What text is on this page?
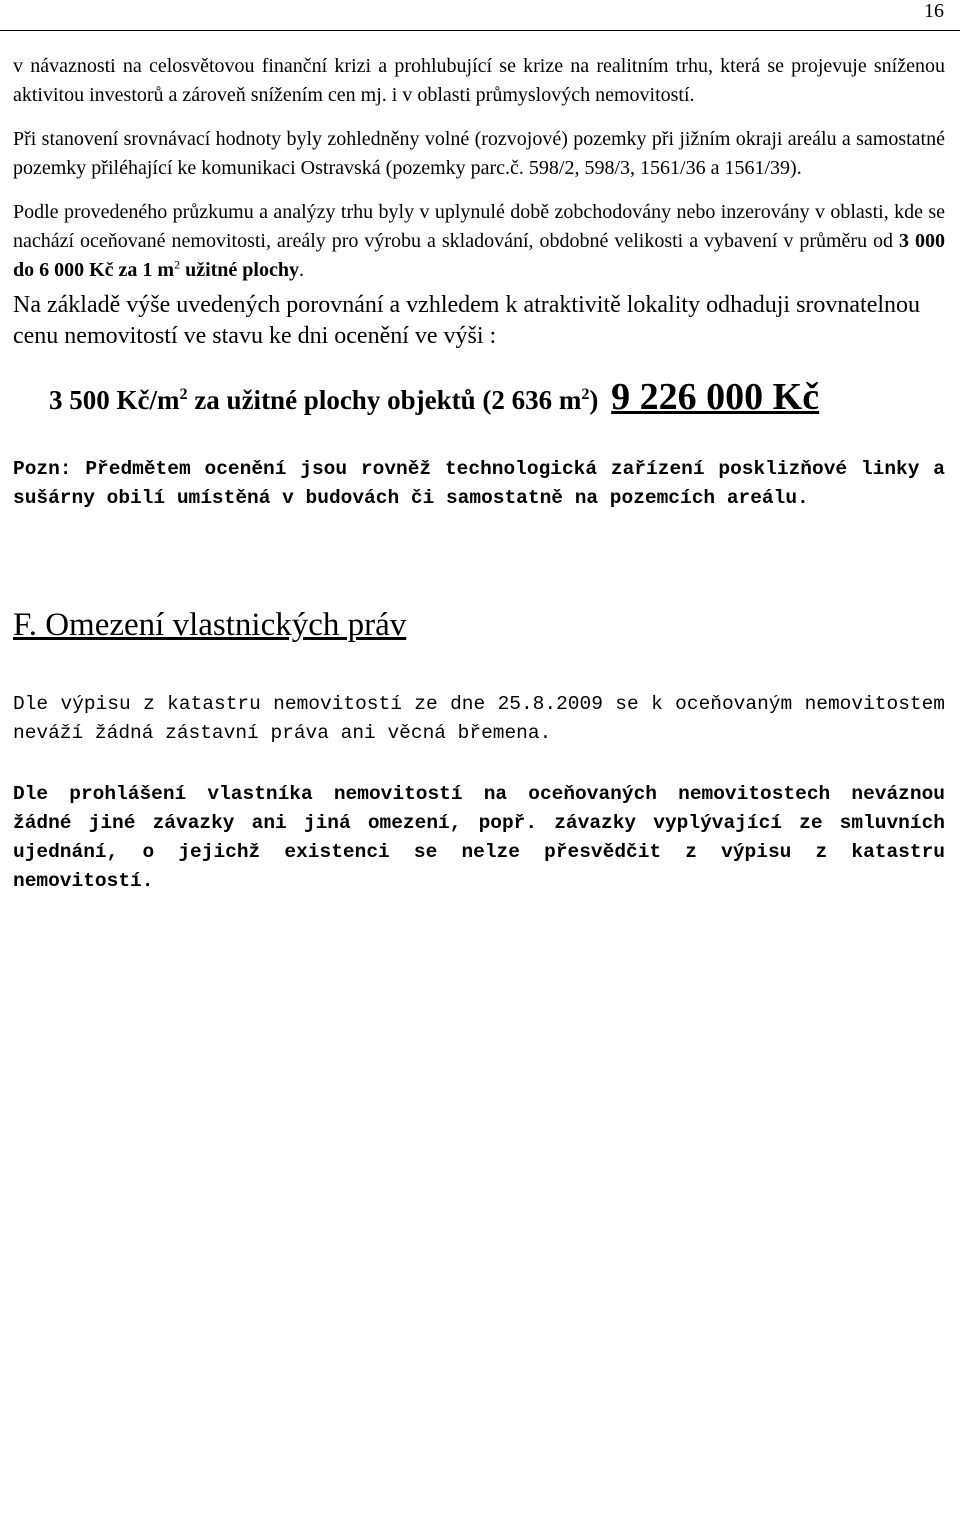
16

v návaznosti na celosvětovou finanční krizi a prohlubující se krize na realitním trhu, která se projevuje sníženou aktivitou investorů a zároveň snížením cen mj. i v oblasti průmyslových nemovitostí.

Při stanovení srovnávací hodnoty byly zohledněny volné (rozvojové) pozemky při jižním okraji areálu a samostatné pozemky přiléhající ke komunikaci Ostravská (pozemky parc.č. 598/2, 598/3, 1561/36 a 1561/39).

Podle provedeného průzkumu a analýzy trhu byly v uplynulé době zobchodovány nebo inzerovány v oblasti, kde se nachází oceňované nemovitosti, areály pro výrobu a skladování, obdobné velikosti a vybavení v průměru od 3 000 do 6 000 Kč za 1 $m^2$ užitné plochy.

Na základě výše uvedených porovnání a vzhledem k atraktivitě lokality odhaduji srovnatelnou cenu nemovitostí ve stavu ke dni ocenění ve výši :

3 500 $Kč/m^2$ za užitné plochy objektů (2 636 $m^2$) 9 226 000 Kč

Pozn: Předmětem ocenění jsou rovněž technologická zařízení posklizňové linky a sušárny obilí umístěná v budovách či samostatně na pozemcích areálu.

F. Omezení vlastnických práv

Dle výpisu z katastru nemovitostí ze dne 25.8.2009 se k oceňovaným nemovitostem neváží žádná zástavní práva ani věcná břemena.

Dle prohlášení vlastníka nemovitostí na oceňovaných nemovitostech neváznou žádné jiné závazky ani jiná omezení, popř. závazky vyplývající ze smluvních ujednání, o jejichž existenci se nelze přesvědčit z výpisu z katastru nemovitostí.
